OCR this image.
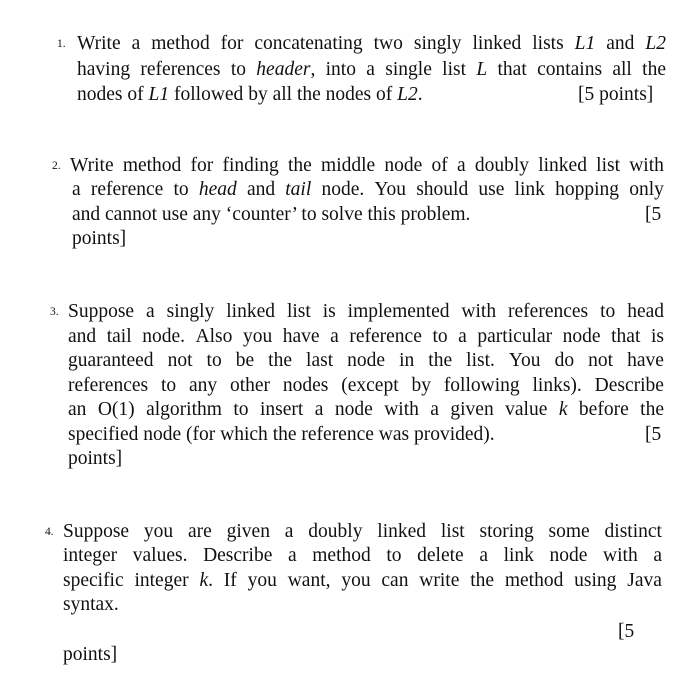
1. Write a method for concatenating two singly linked lists L1 and L2
having references to header, into a single list L that contains all the
nodes of L1 followed by all the nodes of L2.	[5 points]
2. Write method for finding the middle node of a doubly linked list with
a reference to head and tail node. You should use link hopping only
and cannot use any ‘counter’ to solve this problem.	[5
points]
3. Suppose a singly linked list is implemented with references to head
and tail node. Also you have a reference to a particular node that is
guaranteed not to be the last node in the list. You do not have
references to any other nodes (except by following links). Describe
an O(1) algorithm to insert a node with a given value k before the
specified node (for which the reference was provided).	[5
points]
4. Suppose you are given a doubly linked list storing some distinct
integer values. Describe a method to delete a link node with a
specific integer k. If you want, you can write the method using Java
syntax.
[5
points]
